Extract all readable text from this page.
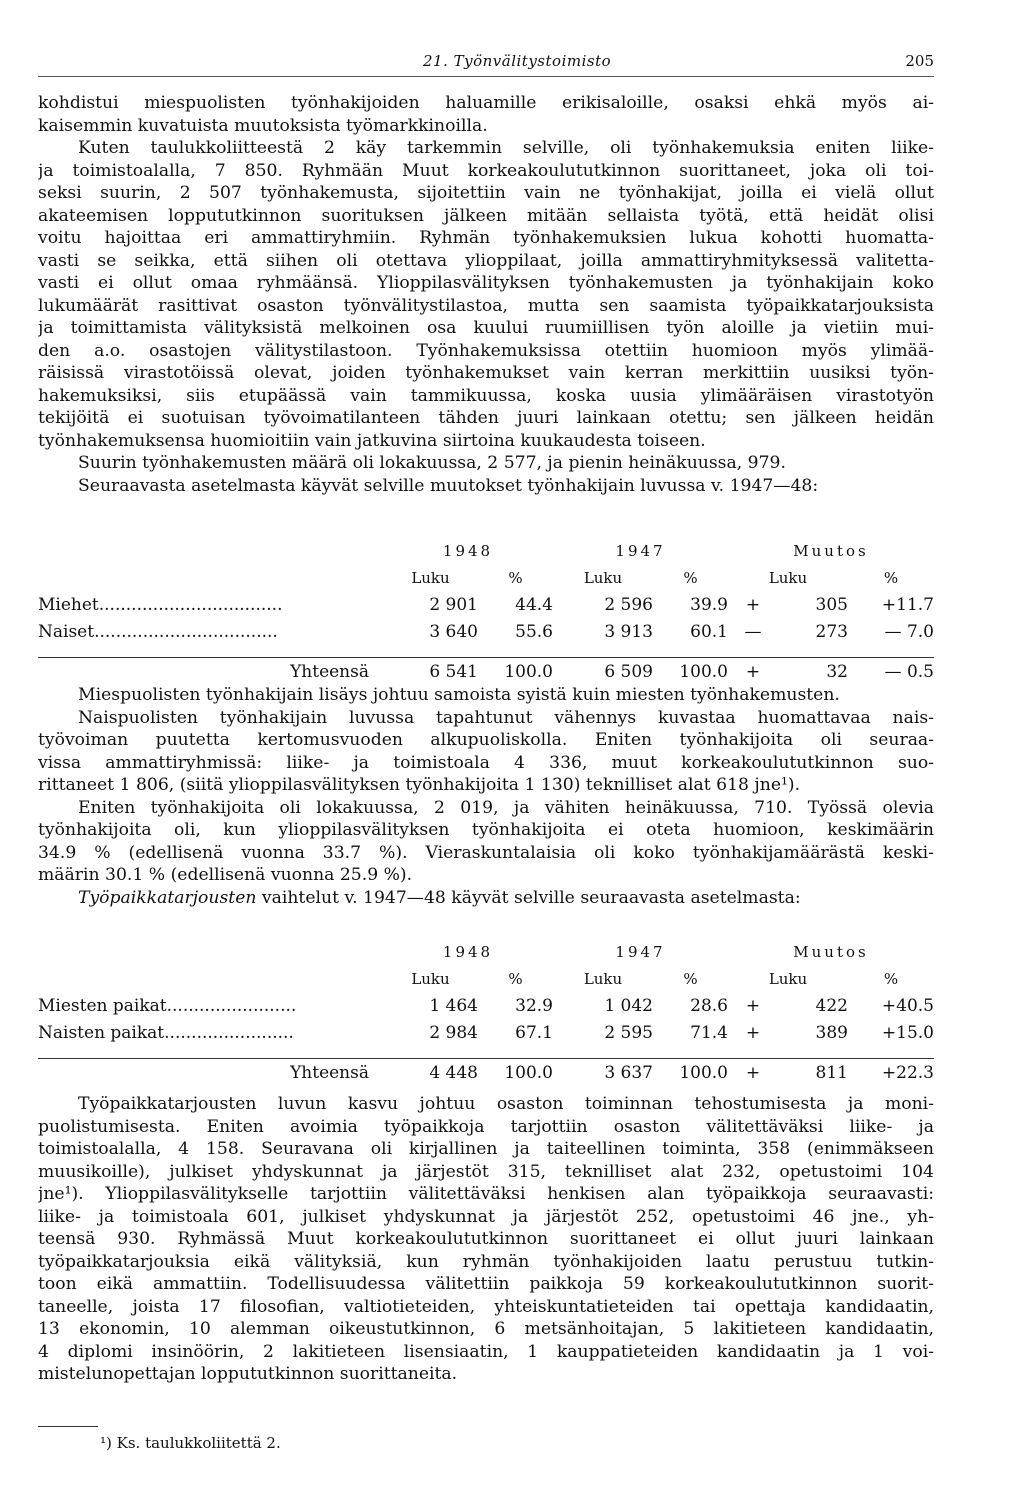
21. Työnvälitystoimisto	205
kohdistui miespuolisten työnhakijoiden haluamille erikisaloille, osaksi ehkä myös ai-
kaisemmin kuvatuista muutoksista työmarkkinoilla.
Kuten taulukkoliitteestä 2 käy tarkemmin selville, oli työnhakemuksia eniten liike-
ja toimistoalalla, 7 850. Ryhmään Muut korkeakoulututkinnon suorittaneet, joka oli toi-
seksi suurin, 2 507 työnhakemusta, sijoitettiin vain ne työnhakijat, joilla ei vielä ollut
akateemisen loppututkinnon suorituksen jälkeen mitään sellaista työtä, että heidät olisi
voitu hajoittaa eri ammattiryhmiin. Ryhmän työnhakemuksien lukua kohotti huomatta-
vasti se seikka, että siihen oli otettava ylioppilaat, joilla ammattiryhmityksessä valitetta-
vasti ei ollut omaa ryhmäänsä. Ylioppilasvälityksen työnhakemusten ja työnhakijain koko
lukumäärät rasittivat osaston työnvälitystilastoa, mutta sen saamista työpaikkatarjouksista
ja toimittamista välityksistä melkoinen osa kuului ruumiillisen työn aloille ja vietiin mui-
den a.o. osastojen välitystilastoon. Työnhakemuksissa otettiin huomioon myös ylimää-
räisissä virastotöissä olevat, joiden työnhakemukset vain kerran merkittiin uusiksi työn-
hakemuksiksi, siis etupäässä vain tammikuussa, koska uusia ylimääräisen virastotyön
tekijöitä ei suotuisan työvoimatilanteen tähden juuri lainkaan otettu; sen jälkeen heidän
työnhakemuksensa huomioitiin vain jatkuvina siirtoina kuukaudesta toiseen.
Suurin työnhakemusten määrä oli lokakuussa, 2 577, ja pienin heinäkuussa, 979.
Seuraavasta asetelmasta käyvät selville muutokset työnhakijain luvussa v. 1947—48:
	1948		1947		Muutos		
	Luku	%	Luku	%	Luku		%
Miehet..................................	2 901	44.4	2 596	39.9	+	305	+11.7
Naiset..................................	3 640	55.6	3 913	60.1	—	273	— 7.0

Yhteensä	6 541	100.0	6 509	100.0	+	32	— 0.5
Miespuolisten työnhakijain lisäys johtuu samoista syistä kuin miesten työnhakemusten.
Naispuolisten työnhakijain luvussa tapahtunut vähennys kuvastaa huomattavaa nais-
työvoiman puutetta kertomusvuoden alkupuoliskolla. Eniten työnhakijoita oli seuraa-
vissa ammattiryhmissä: liike- ja toimistoala 4 336, muut korkeakoulututkinnon suo-
rittaneet 1 806, (siitä ylioppilasvälityksen työnhakijoita 1 130) teknilliset alat 618 jne¹).
Eniten työnhakijoita oli lokakuussa, 2 019, ja vähiten heinäkuussa, 710. Työssä olevia
työnhakijoita oli, kun ylioppilasvälityksen työnhakijoita ei oteta huomioon, keskimäärin
34.9 % (edellisenä vuonna 33.7 %). Vieraskuntalaisia oli koko työnhakijamäärästä keski-
määrin 30.1 % (edellisenä vuonna 25.9 %).
Työpaikkatarjousten vaihtelut v. 1947—48 käyvät selville seuraavasta asetelmasta:
	1948		1947		Muutos		
	Luku	%	Luku	%	Luku		%
Miesten paikat........................	1 464	32.9	1 042	28.6	+	422	+40.5
Naisten paikat........................	2 984	67.1	2 595	71.4	+	389	+15.0

Yhteensä	4 448	100.0	3 637	100.0	+	811	+22.3
Työpaikkatarjousten luvun kasvu johtuu osaston toiminnan tehostumisesta ja moni-
puolistumisesta. Eniten avoimia työpaikkoja tarjottiin osaston välitettäväksi liike- ja
toimistoalalla, 4 158. Seuravana oli kirjallinen ja taiteellinen toiminta, 358 (enimmäkseen
muusikoille), julkiset yhdyskunnat ja järjestöt 315, teknilliset alat 232, opetustoimi 104
jne¹). Ylioppilasvälitykselle tarjottiin välitettäväksi henkisen alan työpaikkoja seuraavasti:
liike- ja toimistoala 601, julkiset yhdyskunnat ja järjestöt 252, opetustoimi 46 jne., yh-
teensä 930. Ryhmässä Muut korkeakoulututkinnon suorittaneet ei ollut juuri lainkaan
työpaikkatarjouksia eikä välityksiä, kun ryhmän työnhakijoiden laatu perustuu tutkin-
toon eikä ammattiin. Todellisuudessa välitettiin paikkoja 59 korkeakoulututkinnon suorit-
taneelle, joista 17 filosofian, valtiotieteiden, yhteiskuntatieteiden tai opettaja kandidaatin,
13 ekonomin, 10 alemman oikeustutkinnon, 6 metsänhoitajan, 5 lakitieteen kandidaatin,
4 diplomi insinöörin, 2 lakitieteen lisensiaatin, 1 kauppatieteiden kandidaatin ja 1 voi-
mistelunopettajan loppututkinnon suorittaneita.
¹) Ks. taulukkoliitettä 2.
